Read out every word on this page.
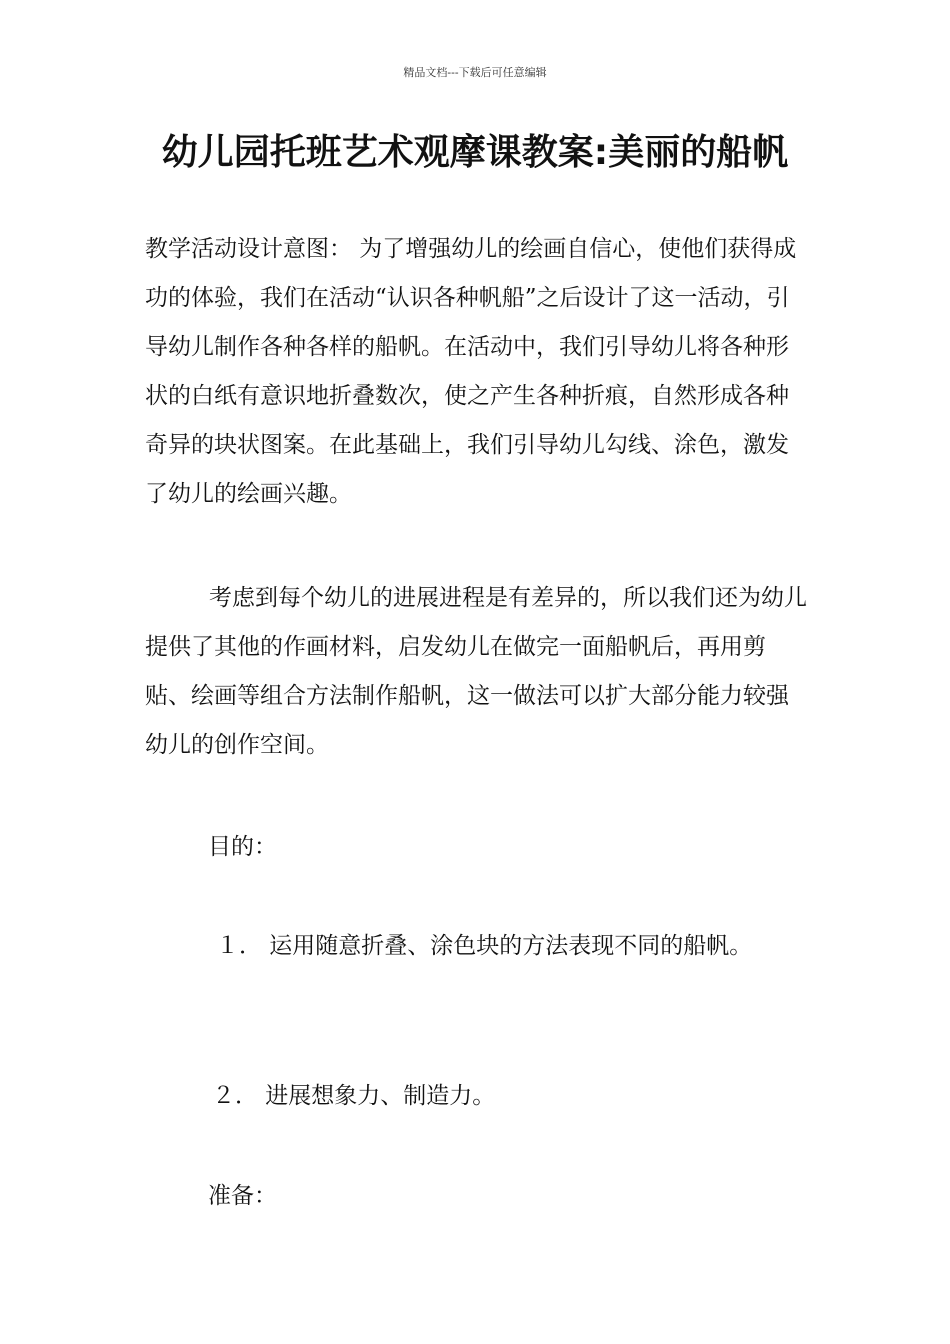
精品文档---下载后可任意编辑
幼儿园托班艺术观摩课教案:美丽的船帆

教学活动设计意图： 为了增强幼儿的绘画自信心，使他们获得成功的体验，我们在活动“认识各种帆船”之后设计了这一活动，引导幼儿制作各种各样的船帆。在活动中，我们引导幼儿将各种形状的白纸有意识地折叠数次，使之产生各种折痕，自然形成各种奇异的块状图案。在此基础上，我们引导幼儿勾线、涂色，激发了幼儿的绘画兴趣。

考虑到每个幼儿的进展进程是有差异的，所以我们还为幼儿提供了其他的作画材料，启发幼儿在做完一面船帆后，再用剪贴、绘画等组合方法制作船帆，这一做法可以扩大部分能力较强幼儿的创作空间。

目的：
１． 运用随意折叠、涂色块的方法表现不同的船帆。
２． 进展想象力、制造力。
准备：
